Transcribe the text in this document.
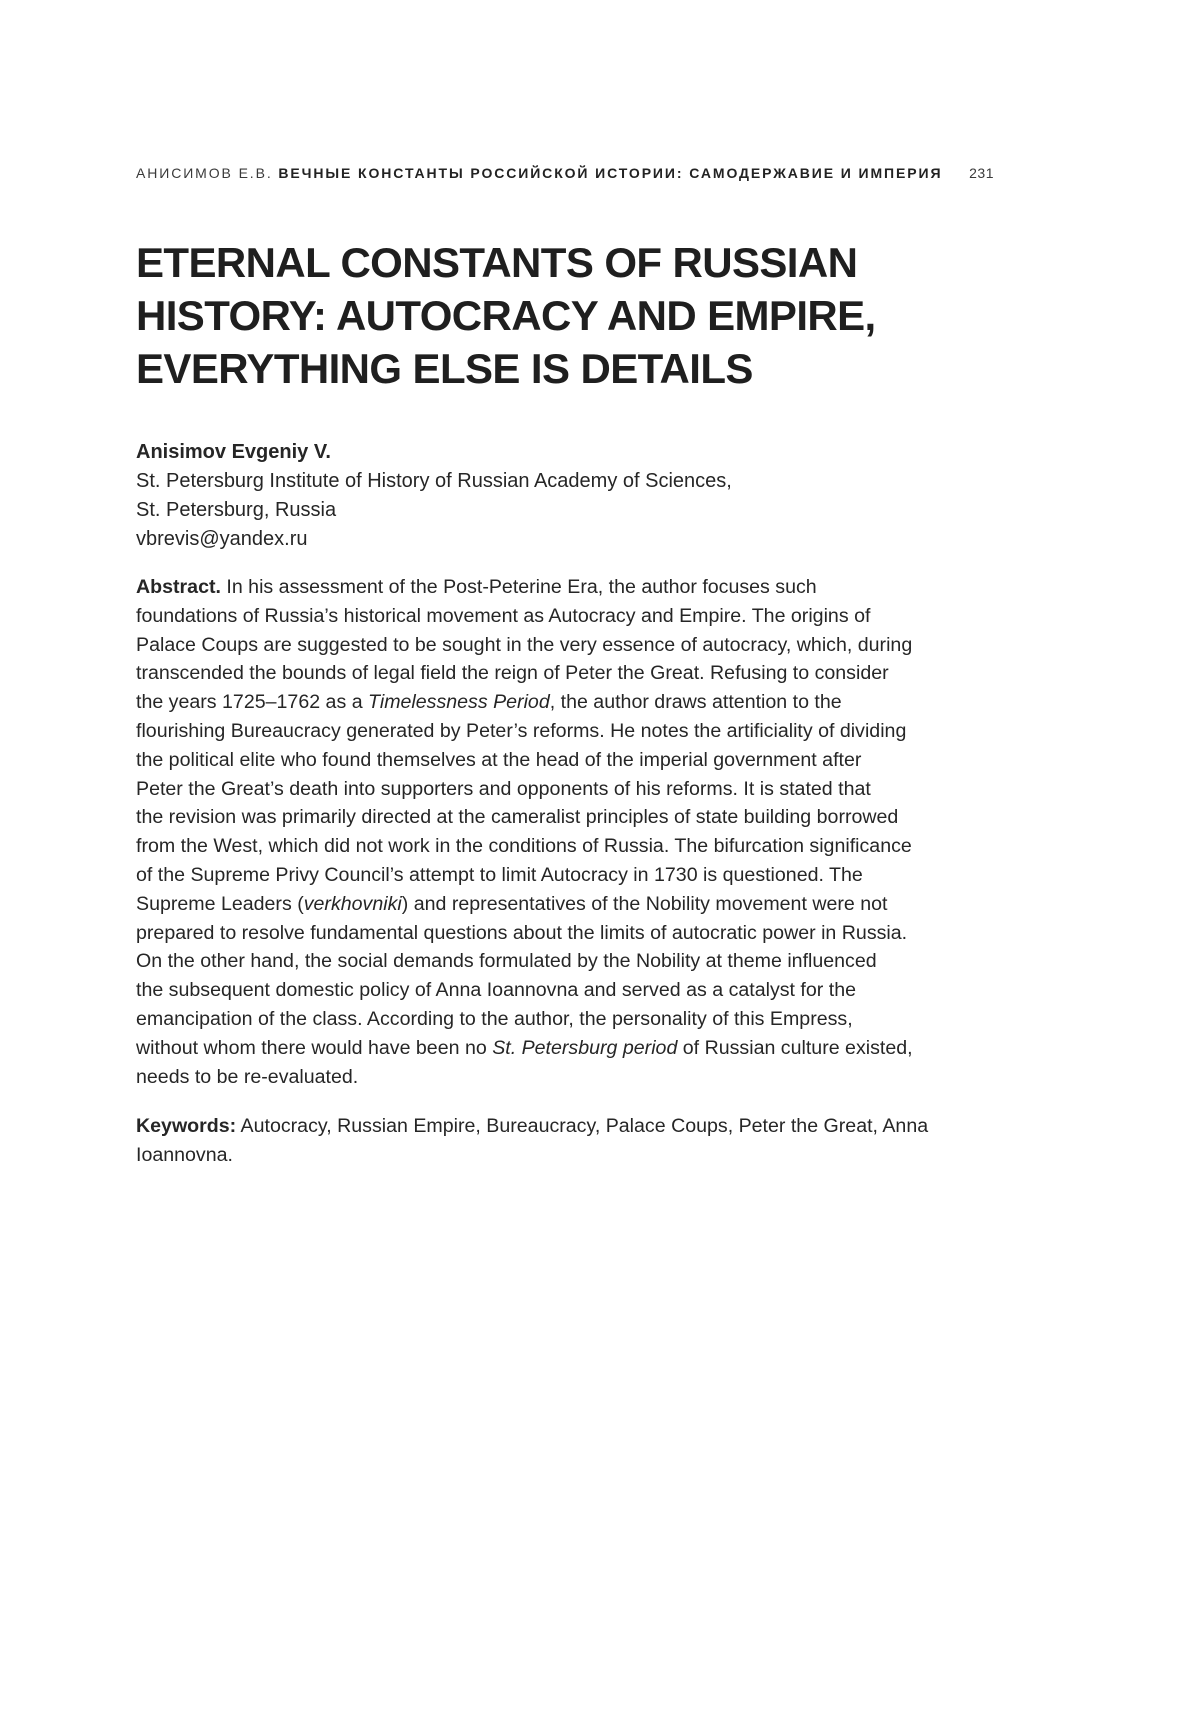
АНИСИМОВ Е.В. ВЕЧНЫЕ КОНСТАНТЫ РОССИЙСКОЙ ИСТОРИИ: САМОДЕРЖАВИЕ И ИМПЕРИЯ 231
ETERNAL CONSTANTS OF RUSSIAN
HISTORY: AUTOCRACY AND EMPIRE,
EVERYTHING ELSE IS DETAILS
Anisimov Evgeniy V.
St. Petersburg Institute of History of Russian Academy of Sciences,
St. Petersburg, Russia
vbrevis@yandex.ru
Abstract. In his assessment of the Post-Peterine Era, the author focuses such
foundations of Russia’s historical movement as Autocracy and Empire. The origins of
Palace Coups are suggested to be sought in the very essence of autocracy, which, during
transcended the bounds of legal field the reign of Peter the Great. Refusing to consider
the years 1725–1762 as a Timelessness Period, the author draws attention to the
flourishing Bureaucracy generated by Peter’s reforms. He notes the artificiality of dividing
the political elite who found themselves at the head of the imperial government after
Peter the Great’s death into supporters and opponents of his reforms. It is stated that
the revision was primarily directed at the cameralist principles of state building borrowed
from the West, which did not work in the conditions of Russia. The bifurcation significance
of the Supreme Privy Council’s attempt to limit Autocracy in 1730 is questioned. The
Supreme Leaders (verkhovniki) and representatives of the Nobility movement were not
prepared to resolve fundamental questions about the limits of autocratic power in Russia.
On the other hand, the social demands formulated by the Nobility at theme influenced
the subsequent domestic policy of Anna Ioannovna and served as a catalyst for the
emancipation of the class. According to the author, the personality of this Empress,
without whom there would have been no St. Petersburg period of Russian culture existed,
needs to be re-evaluated.
Keywords: Autocracy, Russian Empire, Bureaucracy, Palace Coups, Peter the Great, Anna
Ioannovna.
